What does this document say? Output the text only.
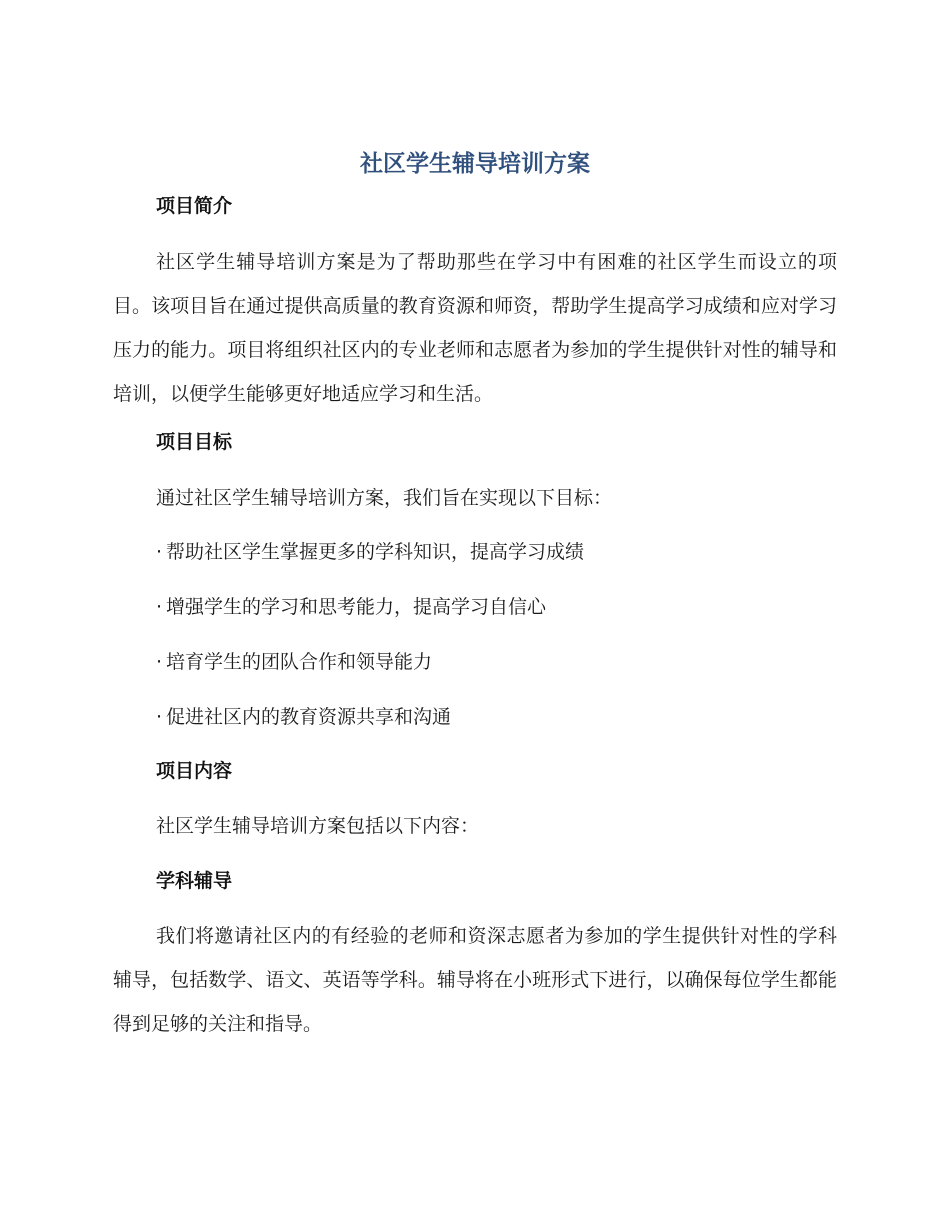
社区学生辅导培训方案
项目简介
社区学生辅导培训方案是为了帮助那些在学习中有困难的社区学生而设立的项目。该项目旨在通过提供高质量的教育资源和师资，帮助学生提高学习成绩和应对学习压力的能力。项目将组织社区内的专业老师和志愿者为参加的学生提供针对性的辅导和培训，以便学生能够更好地适应学习和生活。
项目目标
通过社区学生辅导培训方案，我们旨在实现以下目标：
· 帮助社区学生掌握更多的学科知识，提高学习成绩
· 增强学生的学习和思考能力，提高学习自信心
· 培育学生的团队合作和领导能力
· 促进社区内的教育资源共享和沟通
项目内容
社区学生辅导培训方案包括以下内容：
学科辅导
我们将邀请社区内的有经验的老师和资深志愿者为参加的学生提供针对性的学科辅导，包括数学、语文、英语等学科。辅导将在小班形式下进行，以确保每位学生都能得到足够的关注和指导。
